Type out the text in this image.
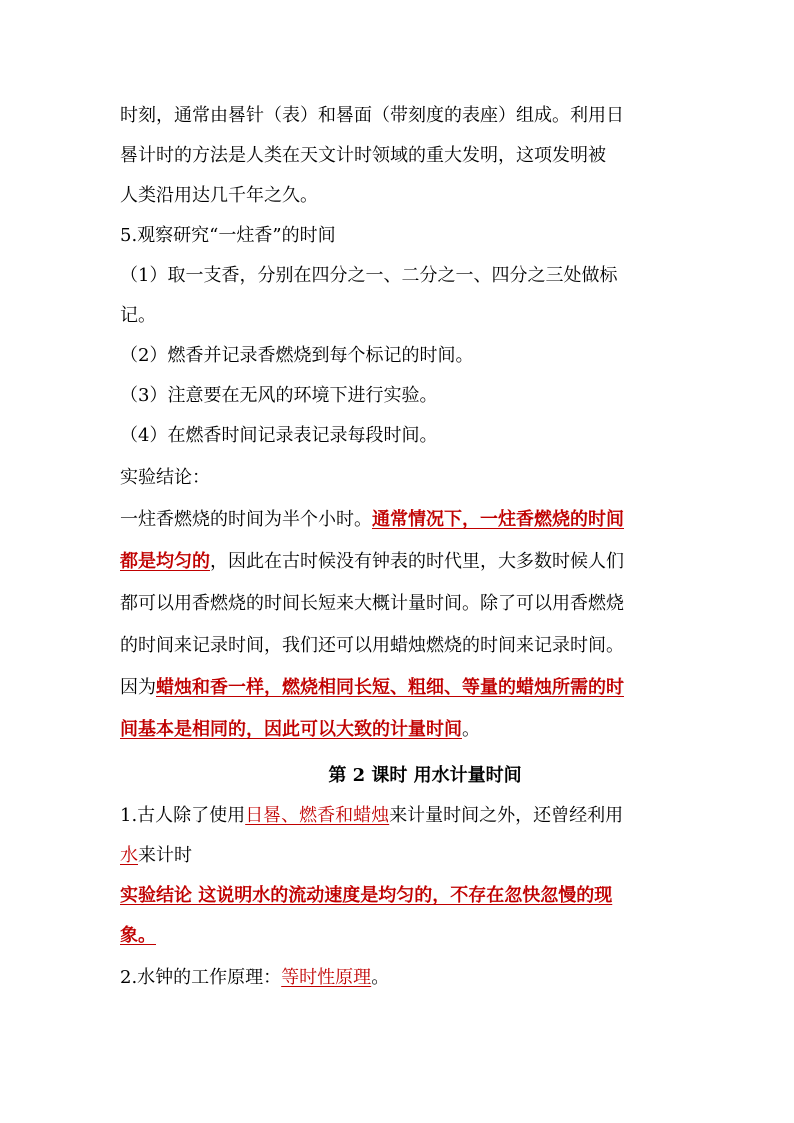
时刻，通常由晷针（表）和晷面（带刻度的表座）组成。利用日
晷计时的方法是人类在天文计时领域的重大发明，这项发明被
人类沿用达几千年之久。
5.观察研究“一炷香”的时间
（1）取一支香，分别在四分之一、二分之一、四分之三处做标
记。
（2）燃香并记录香燃烧到每个标记的时间。
（3）注意要在无风的环境下进行实验。
（4）在燃香时间记录表记录每段时间。
实验结论：
一炷香燃烧的时间为半个小时。通常情况下，一炷香燃烧的时间
都是均匀的，因此在古时候没有钟表的时代里，大多数时候人们
都可以用香燃烧的时间长短来大概计量时间。除了可以用香燃烧
的时间来记录时间，我们还可以用蜡烛燃烧的时间来记录时间。
因为蜡烛和香一样，燃烧相同长短、粗细、等量的蜡烛所需的时
间基本是相同的，因此可以大致的计量时间。
第 2 课时 用水计量时间
1.古人除了使用日晷、燃香和蜡烛来计量时间之外，还曾经利用
水来计时
实验结论 这说明水的流动速度是均匀的，不存在忽快忽慢的现
象。
2.水钟的工作原理：等时性原理。
